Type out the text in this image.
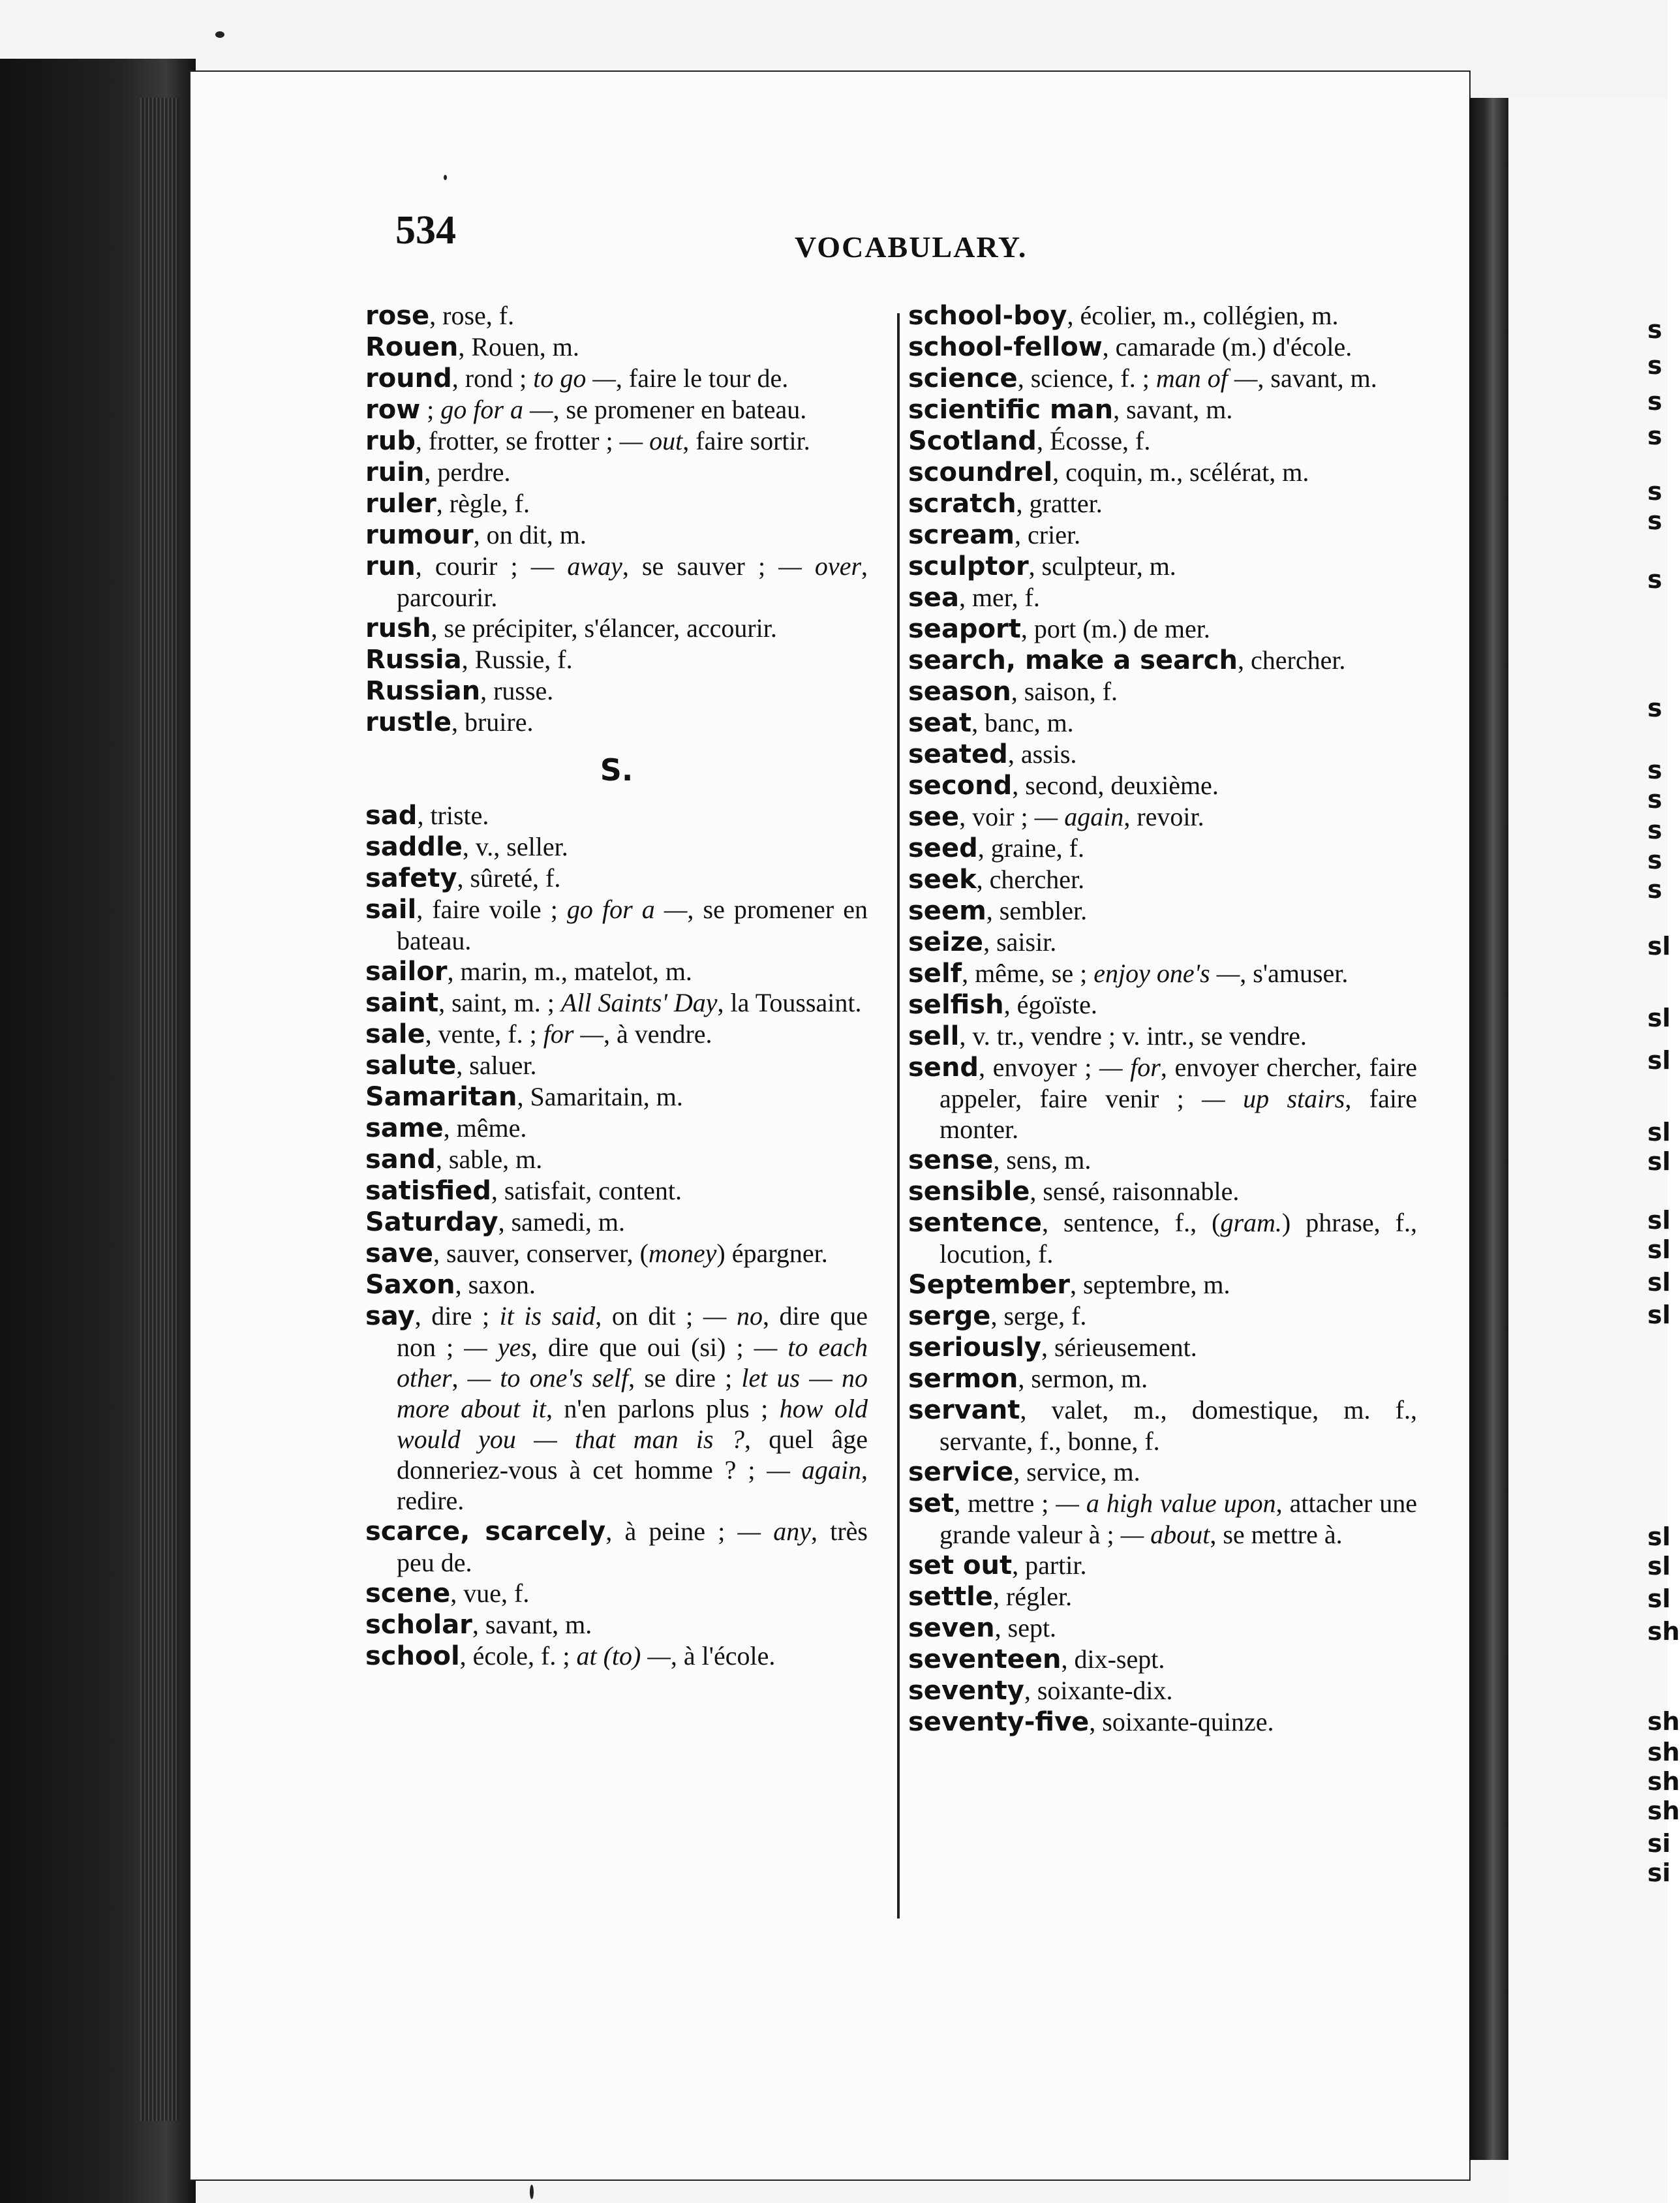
534	VOCABULARY.
rose, rose, f.
Rouen, Rouen, m.
round, rond ; to go —, faire le tour de.
row ; go for a —, se promener en bateau.
rub, frotter, se frotter ; — out, faire sortir.
ruin, perdre.
ruler, règle, f.
rumour, on dit, m.
run, courir ; — away, se sauver ; — over, parcourir.
rush, se précipiter, s'élancer, accourir.
Russia, Russie, f.
Russian, russe.
rustle, bruire.
S.
sad, triste.
saddle, v., seller.
safety, sûreté, f.
sail, faire voile ; go for a —, se promener en bateau.
sailor, marin, m., matelot, m.
saint, saint, m. ; All Saints' Day, la Toussaint.
sale, vente, f. ; for —, à vendre.
salute, saluer.
Samaritan, Samaritain, m.
same, même.
sand, sable, m.
satisfied, satisfait, content.
Saturday, samedi, m.
save, sauver, conserver, (money) épargner.
Saxon, saxon.
say, dire ; it is said, on dit ; — no, dire que non ; — yes, dire que oui (si) ; — to each other, — to one's self, se dire ; let us — no more about it, n'en parlons plus ; how old would you — that man is ?, quel âge donneriez-vous à cet homme ? ; — again, redire.
scarce, scarcely, à peine ; — any, très peu de.
scene, vue, f.
scholar, savant, m.
school, école, f. ; at (to) —, à l'école.
school-boy, écolier, m., collégien, m.
school-fellow, camarade (m.) d'école.
science, science, f. ; man of —, savant, m.
scientific man, savant, m.
Scotland, Écosse, f.
scoundrel, coquin, m., scélérat, m.
scratch, gratter.
scream, crier.
sculptor, sculpteur, m.
sea, mer, f.
seaport, port (m.) de mer.
search, make a search, chercher.
season, saison, f.
seat, banc, m.
seated, assis.
second, second, deuxième.
see, voir ; — again, revoir.
seed, graine, f.
seek, chercher.
seem, sembler.
seize, saisir.
self, même, se ; enjoy one's —, s'amuser.
selfish, égoïste.
sell, v. tr., vendre ; v. intr., se vendre.
send, envoyer ; — for, envoyer chercher, faire appeler, faire venir ; — up stairs, faire monter.
sense, sens, m.
sensible, sensé, raisonnable.
sentence, sentence, f., (gram.) phrase, f., locution, f.
September, septembre, m.
serge, serge, f.
seriously, sérieusement.
sermon, sermon, m.
servant, valet, m., domestique, m. f., servante, f., bonne, f.
service, service, m.
set, mettre ; — a high value upon, attacher une grande valeur à ; — about, se mettre à.
set out, partir.
settle, régler.
seven, sept.
seventeen, dix-sept.
seventy, soixante-dix.
seventy-five, soixante-quinze.
s
s
s
s
s
s
s
s
s
s
s
s
s
sl
sl
sl
sl
sl
sl
sl
sl
sl
sl
sl
sl
sh
sh
sh
sh
sh
si
si
